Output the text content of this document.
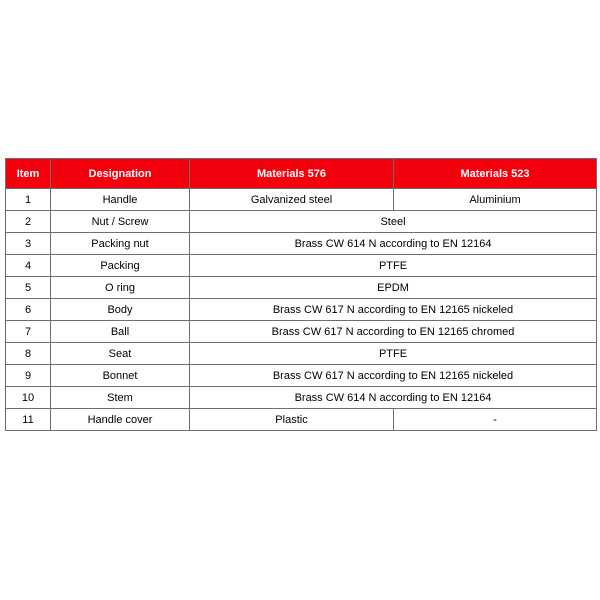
Item	Designation	Materials 576	Materials 523
1	Handle	Galvanized steel	Aluminium
2	Nut / Screw	Steel	
3	Packing nut	Brass CW 614 N according to EN 12164	
4	Packing	PTFE	
5	O ring	EPDM	
6	Body	Brass CW 617 N according to EN 12165 nickeled	
7	Ball	Brass CW 617 N according to EN 12165 chromed	
8	Seat	PTFE	
9	Bonnet	Brass CW 617 N according to EN 12165 nickeled	
10	Stem	Brass CW 614 N according to EN 12164	
11	Handle cover	Plastic	-
